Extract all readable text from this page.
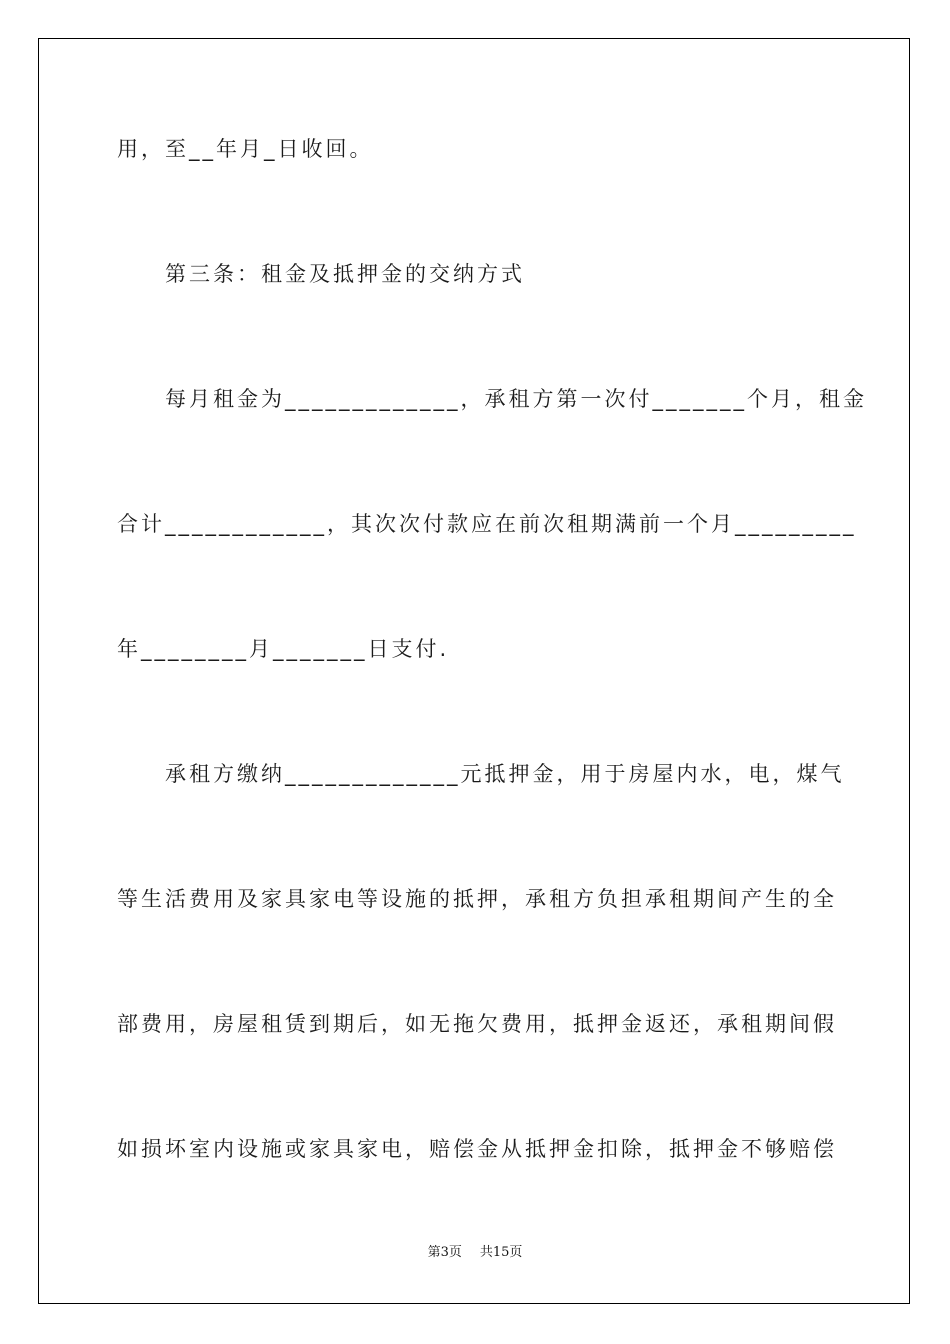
用，至__年月_日收回。
第三条：租金及抵押金的交纳方式
每月租金为_____________，承租方第一次付_______个月，租金
合计____________，其次次付款应在前次租期满前一个月_________
年________月_______日支付.
承租方缴纳_____________元抵押金，用于房屋内水，电，煤气
等生活费用及家具家电等设施的抵押，承租方负担承租期间产生的全
部费用，房屋租赁到期后，如无拖欠费用，抵押金返还，承租期间假
如损坏室内设施或家具家电，赔偿金从抵押金扣除，抵押金不够赔偿
第3页 共15页
